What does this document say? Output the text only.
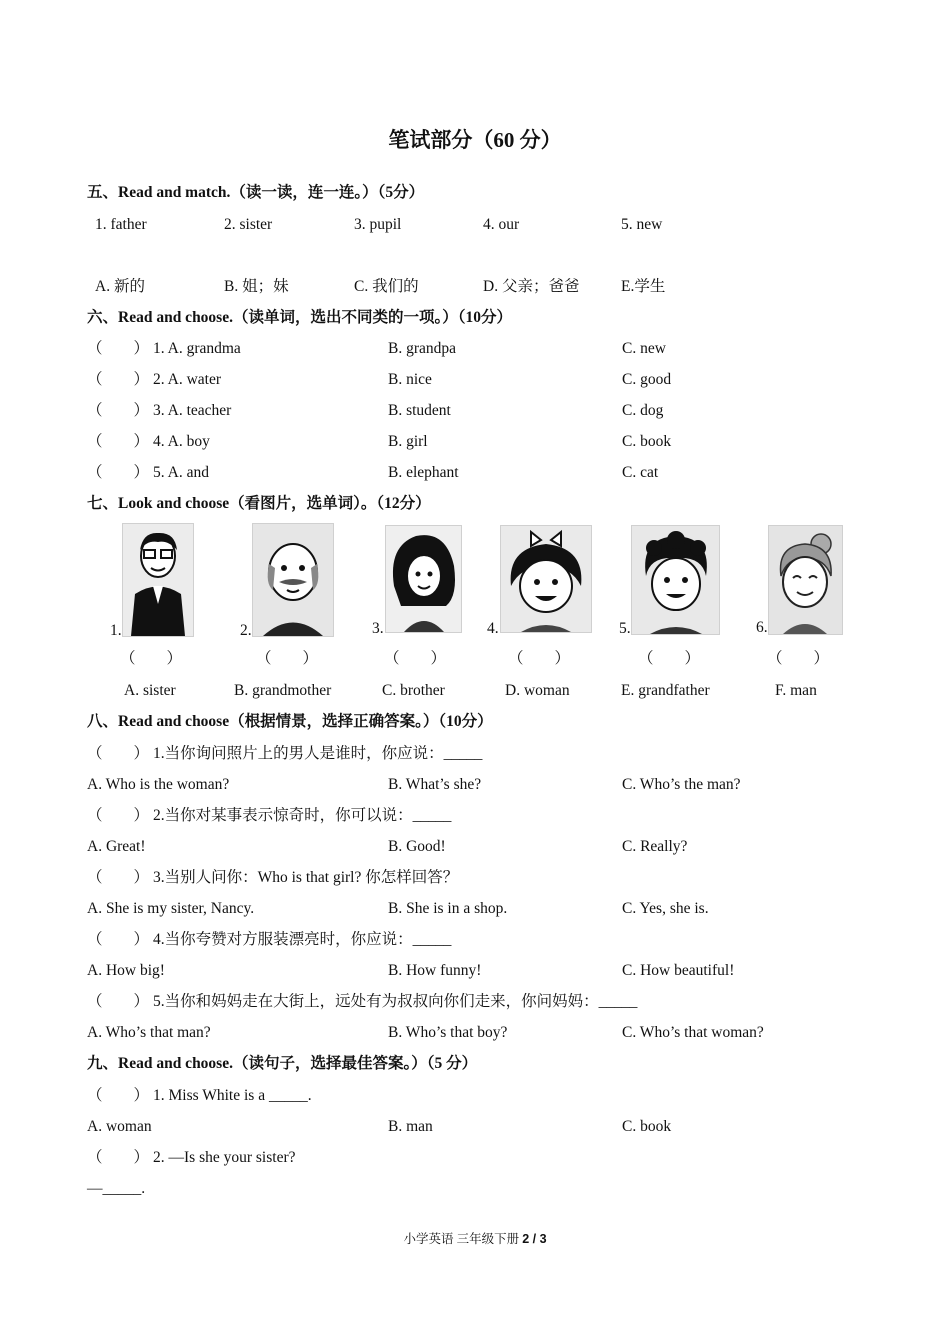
笔试部分（60 分）
五、Read and match.（读一读，连一连。）（5分）
1. father	2. sister	3. pupil	4. our	5. new
A. 新的	B. 姐；妹	C. 我们的	D. 父亲；爸爸	E.学生
六、Read and choose.（读单词，选出不同类的一项。）（10分）
（　　） 1. A. grandma	B. grandpa	C. new
（　　） 2. A. water	B. nice	C. good
（　　） 3. A. teacher	B. student	C. dog
（　　） 4. A. boy	B. girl	C. book
（　　） 5. A. and	B. elephant	C. cat
七、Look and choose（看图片，选单词）。（12分）
1.	2.	3.	4.	5.	6.
（　　）	（　　）	（　　）	（　　）	（　　）	（　　）
A. sister	B. grandmother	C. brother	D. woman	E. grandfather	F. man
八、Read and choose（根据情景，选择正确答案。）（10分）
（　　） 1.当你询问照片上的男人是谁时，你应说：_____
A. Who is the woman?	B. What’s she?	C. Who’s the man?
（　　） 2.当你对某事表示惊奇时，你可以说：_____
A. Great!	B. Good!	C. Really?
（　　） 3.当别人问你：Who is that girl? 你怎样回答？
A. She is my sister, Nancy.	B. She is in a shop.	C. Yes, she is.
（　　） 4.当你夸赞对方服装漂亮时，你应说：_____
A. How big!	B. How funny!	C. How beautiful!
（　　） 5.当你和妈妈走在大街上，远处有为叔叔向你们走来，你问妈妈：_____
A. Who’s that man?	B. Who’s that boy?	C. Who’s that woman?
九、Read and choose.（读句子，选择最佳答案。）（5 分）
（　　） 1. Miss White is a _____.
A. woman	B. man	C. book
（　　） 2. —Is she your sister?
—_____.
小学英语 三年级下册 2 / 3
